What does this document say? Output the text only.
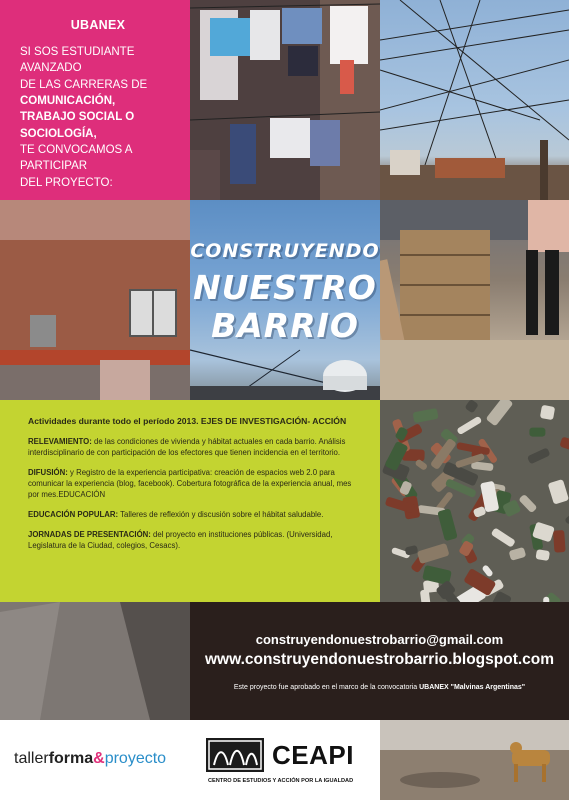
UBANEX
SI SOS ESTUDIANTE AVANZADO
DE LAS CARRERAS DE
COMUNICACIÓN,
TRABAJO SOCIAL O
SOCIOLOGÍA,
TE CONVOCAMOS A PARTICIPAR
DEL PROYECTO:
CONSTRUYENDO
NUESTRO
BARRIO
Actividades durante todo el período 2013. EJES DE INVESTIGACIÓN- ACCIÓN

RELEVAMIENTO: de las condiciones de vivienda y hábitat actuales en cada barrio. Análisis interdisciplinario de con participación de los efectores que tienen incidencia en el territorio.

DIFUSIÓN: y Registro de la experiencia participativa: creación de espacios web 2.0 para comunicar la experiencia (blog, facebook). Cobertura fotográfica de la experiencia anual, mes por mes.EDUCACIÓN

EDUCACIÓN POPULAR: Talleres de reflexión y discusión sobre el hábitat saludable.

JORNADAS DE PRESENTACIÓN: del proyecto en instituciones públicas. (Universidad, Legislatura de la Ciudad, colegios, Cesacs).

construyendonuestrobarrio@gmail.com
www.construyendonuestrobarrio.blogspot.com
Este proyecto fue aprobado en el marco de la convocatoria UBANEX "Malvinas Argentinas"
tallerforma&proyecto	CEAPI
CENTRO DE ESTUDIOS Y ACCIÓN POR LA IGUALDAD
